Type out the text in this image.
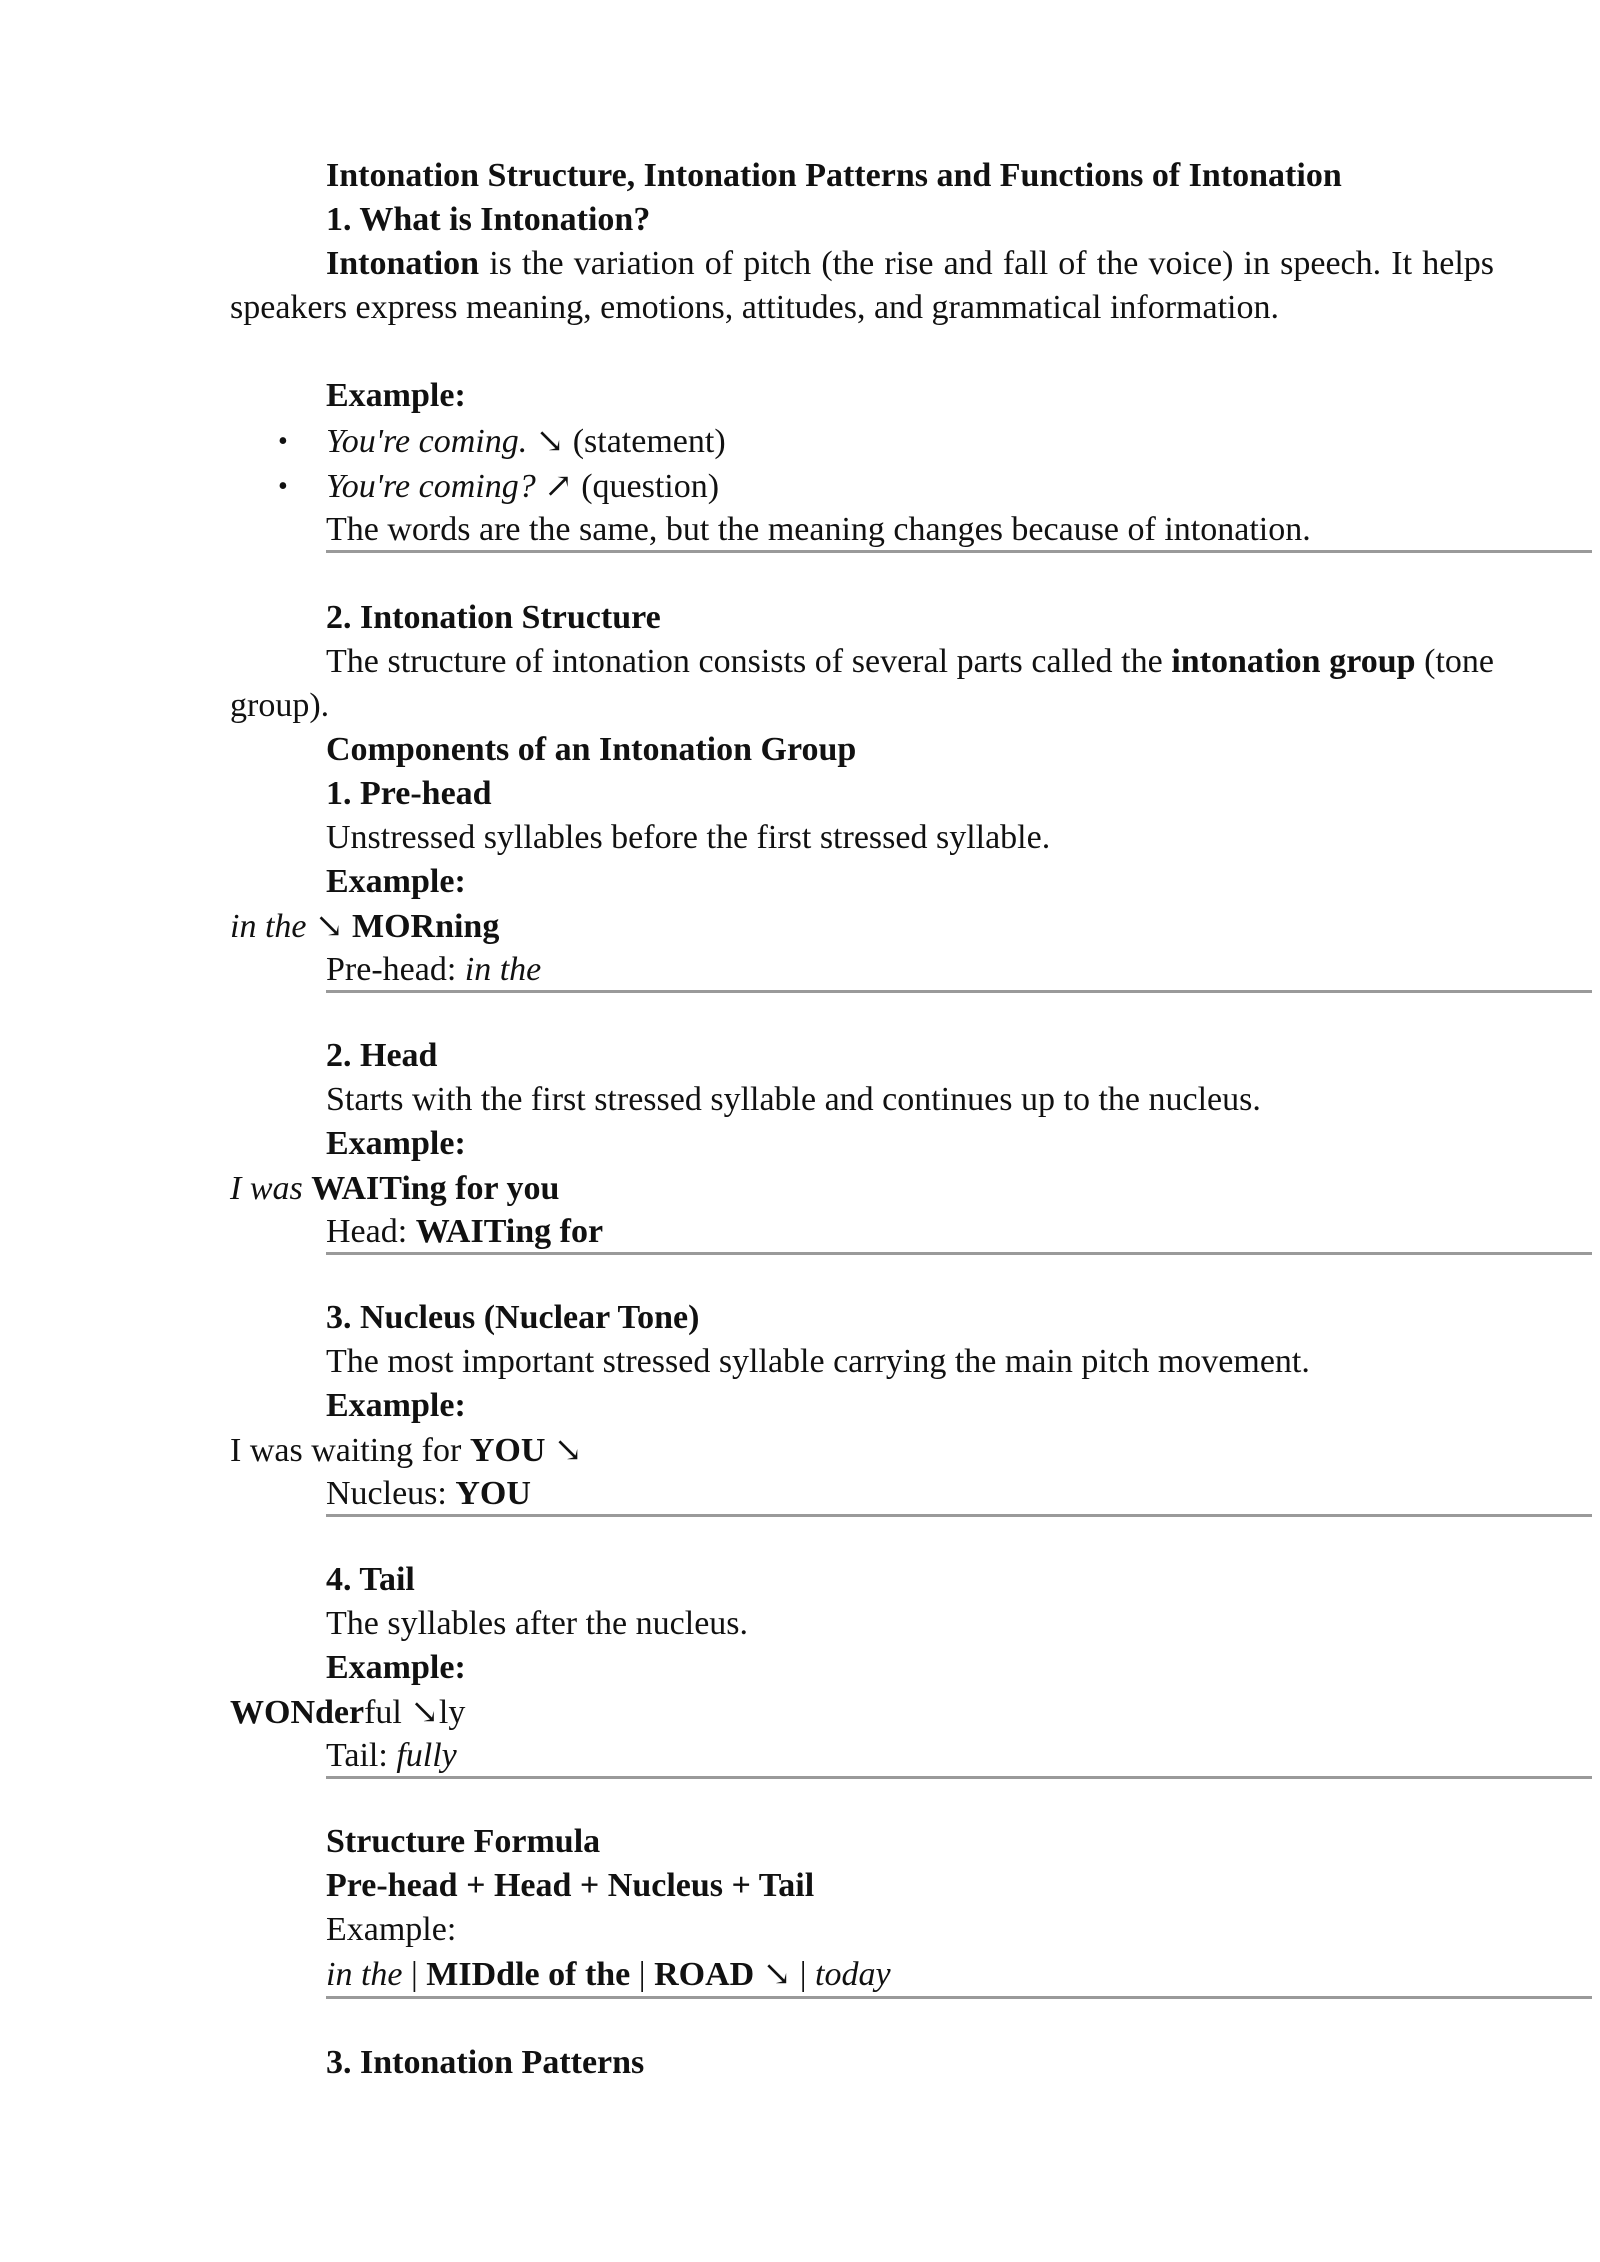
Intonation Structure, Intonation Patterns and Functions of Intonation
1. What is Intonation?
Intonation is the variation of pitch (the rise and fall of the voice) in speech. It helps speakers express meaning, emotions, attitudes, and grammatical information.
Example:
• You're coming. ↘ (statement)
• You're coming? ↗ (question)
The words are the same, but the meaning changes because of intonation.
2. Intonation Structure
The structure of intonation consists of several parts called the intonation group (tone group).
Components of an Intonation Group
1. Pre-head
Unstressed syllables before the first stressed syllable.
Example:
in the ↘ MORning
Pre-head: in the
2. Head
Starts with the first stressed syllable and continues up to the nucleus.
Example:
I was WAITing for you
Head: WAITing for
3. Nucleus (Nuclear Tone)
The most important stressed syllable carrying the main pitch movement.
Example:
I was waiting for YOU ↘
Nucleus: YOU
4. Tail
The syllables after the nucleus.
Example:
WONderful ↘ly
Tail: fully
Structure Formula
Pre-head + Head + Nucleus + Tail
Example:
in the | MIDdle of the | ROAD ↘ | today
3. Intonation Patterns
